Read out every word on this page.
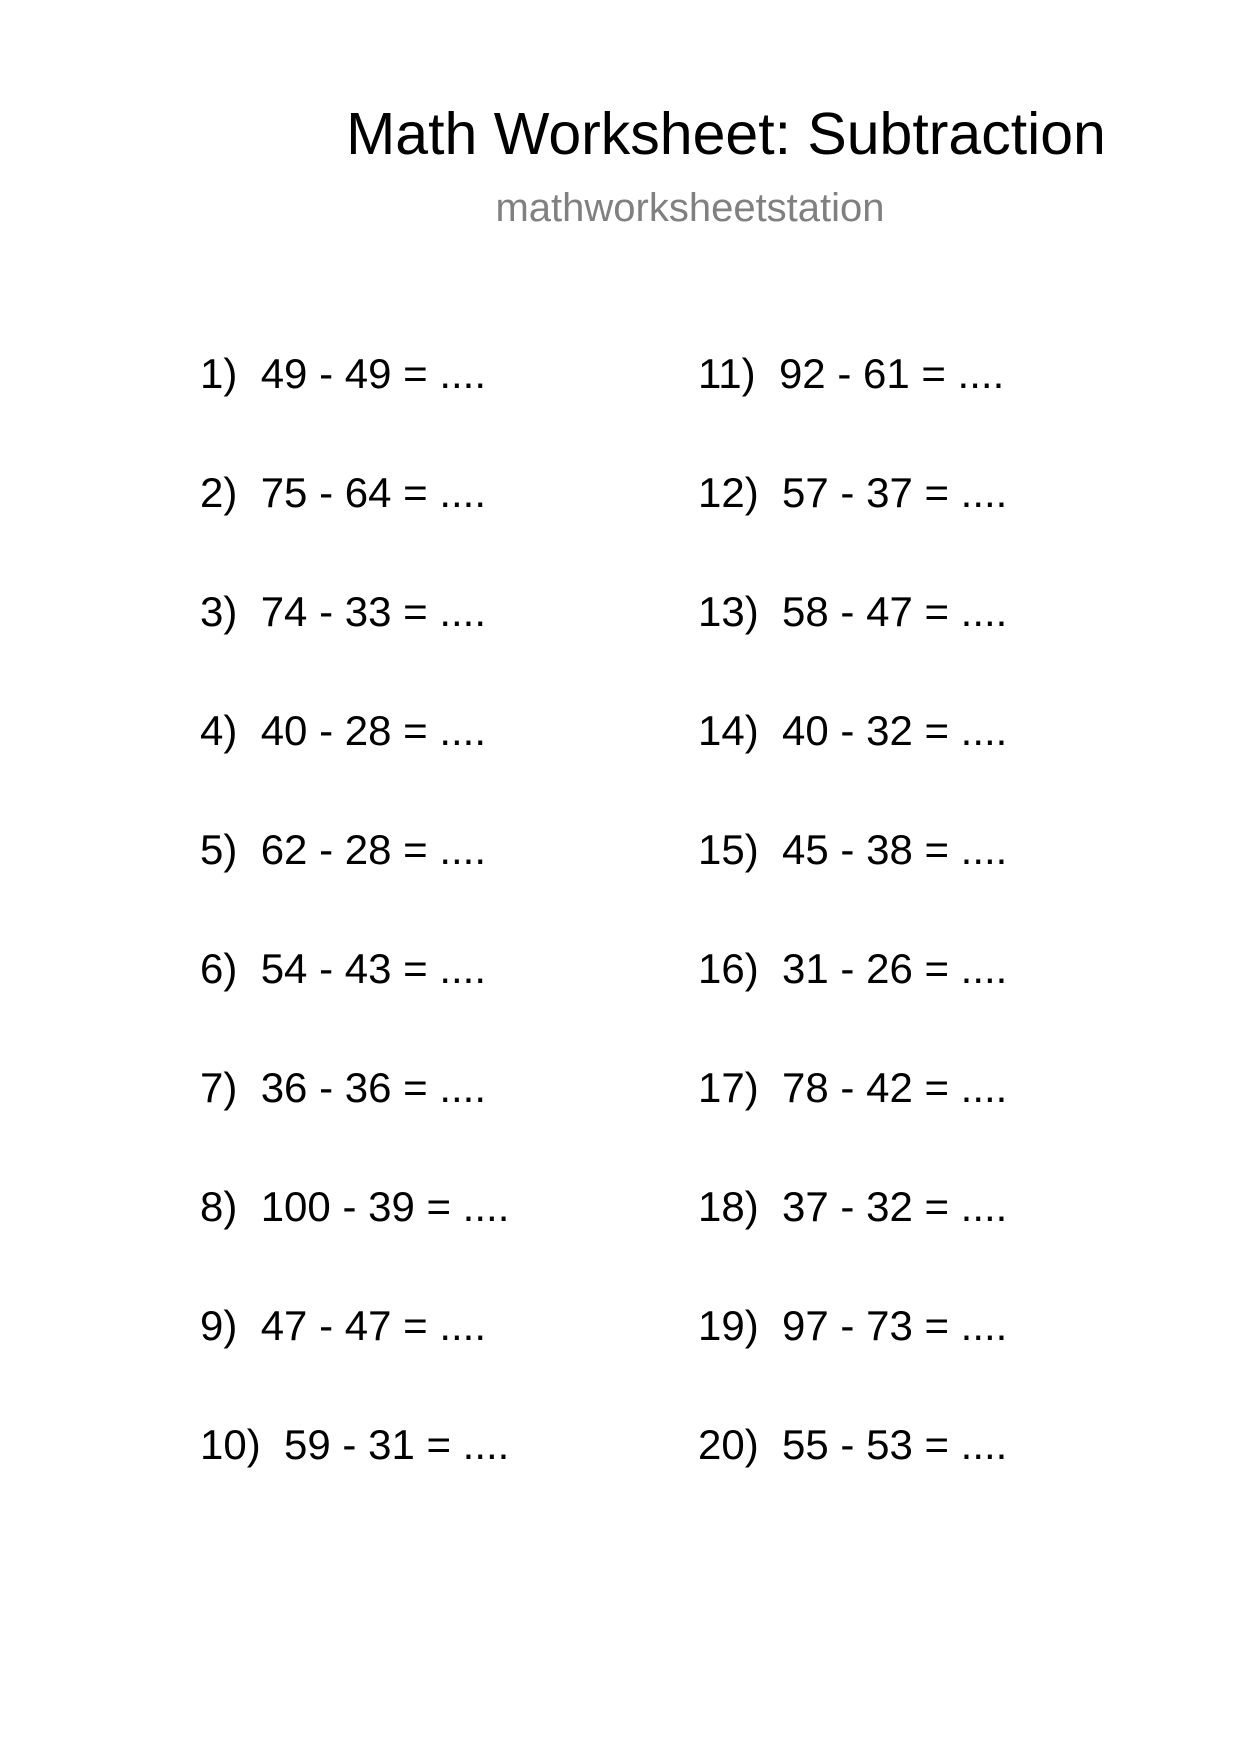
Math Worksheet: Subtraction
mathworksheetstation
1) 49 - 49 = ....
2) 75 - 64 = ....
3) 74 - 33 = ....
4) 40 - 28 = ....
5) 62 - 28 = ....
6) 54 - 43 = ....
7) 36 - 36 = ....
8) 100 - 39 = ....
9) 47 - 47 = ....
10) 59 - 31 = ....
11) 92 - 61 = ....
12) 57 - 37 = ....
13) 58 - 47 = ....
14) 40 - 32 = ....
15) 45 - 38 = ....
16) 31 - 26 = ....
17) 78 - 42 = ....
18) 37 - 32 = ....
19) 97 - 73 = ....
20) 55 - 53 = ....
